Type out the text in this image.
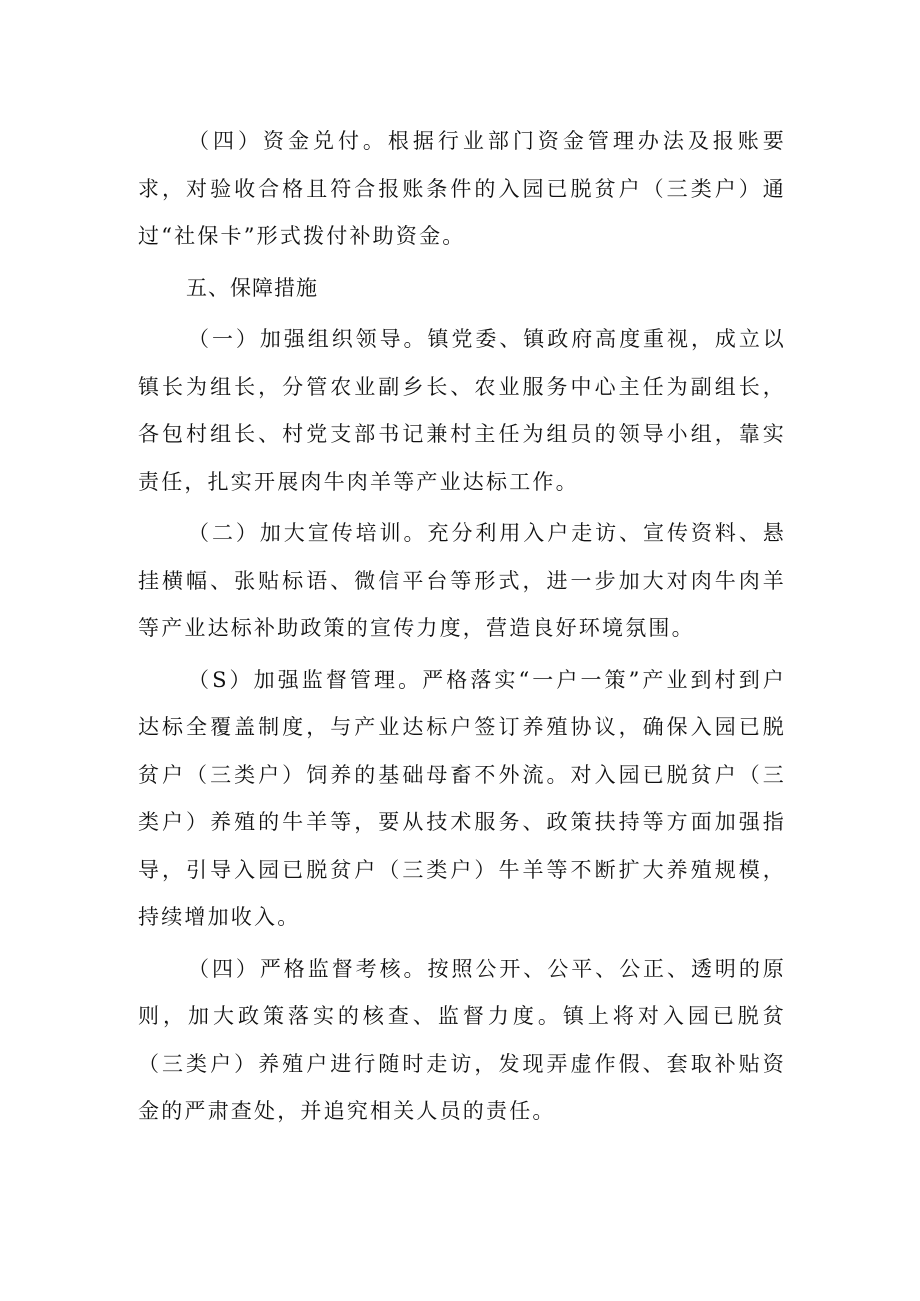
（四）资金兑付。根据行业部门资金管理办法及报账要求，对验收合格且符合报账条件的入园已脱贫户（三类户）通过“社保卡”形式拨付补助资金。

五、保障措施

（一）加强组织领导。镇党委、镇政府高度重视，成立以镇长为组长，分管农业副乡长、农业服务中心主任为副组长，各包村组长、村党支部书记兼村主任为组员的领导小组，靠实责任，扎实开展肉牛肉羊等产业达标工作。

（二）加大宣传培训。充分利用入户走访、宣传资料、悬挂横幅、张贴标语、微信平台等形式，进一步加大对肉牛肉羊等产业达标补助政策的宣传力度，营造良好环境氛围。

（S）加强监督管理。严格落实“一户一策”产业到村到户达标全覆盖制度，与产业达标户签订养殖协议，确保入园已脱贫户（三类户）饲养的基础母畜不外流。对入园已脱贫户（三类户）养殖的牛羊等，要从技术服务、政策扶持等方面加强指导，引导入园已脱贫户（三类户）牛羊等不断扩大养殖规模，持续增加收入。

（四）严格监督考核。按照公开、公平、公正、透明的原则，加大政策落实的核查、监督力度。镇上将对入园已脱贫（三类户）养殖户进行随时走访，发现弄虚作假、套取补贴资金的严肃查处，并追究相关人员的责任。
